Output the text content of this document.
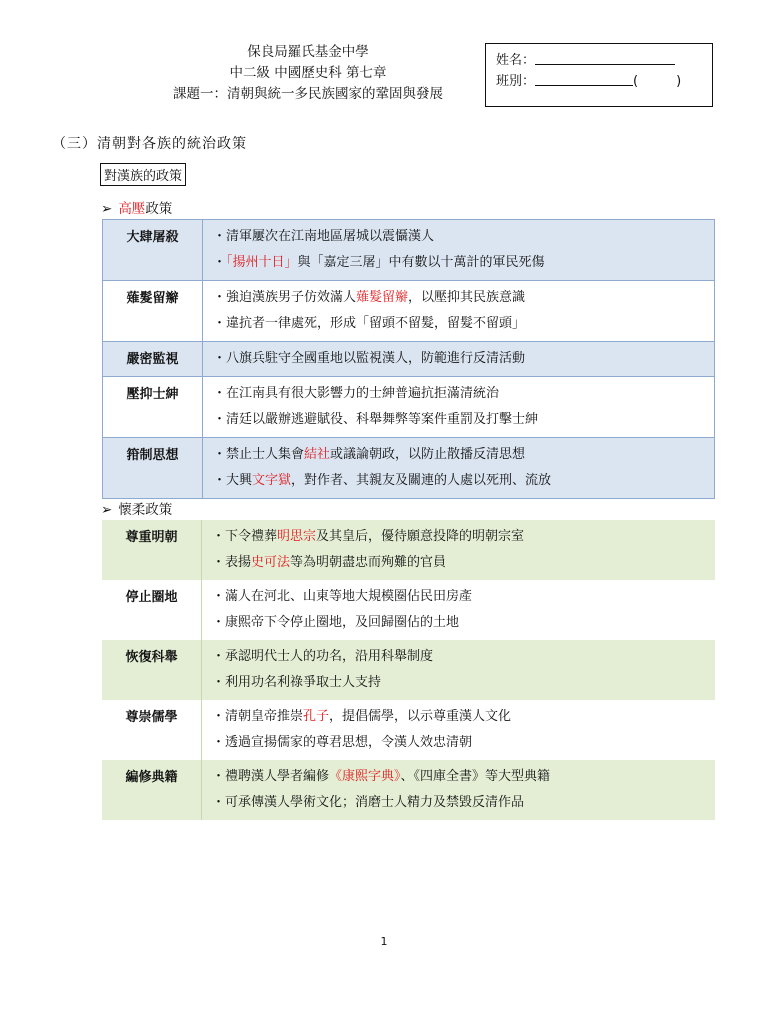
保良局羅氏基金中學
中二級 中國歷史科 第七章
課題一：清朝與統一多民族國家的鞏固與發展
姓名：
班別：	(	)
（三）清朝對各族的統治政策
對漢族的政策
➢ 高壓政策
大肆屠殺	・清軍屢次在江南地區屠城以震懾漢人
・「揚州十日」與「嘉定三屠」中有數以十萬計的軍民死傷

薙髮留辮	・強迫漢族男子仿效滿人薙髮留辮，以壓抑其民族意識
・違抗者一律處死，形成「留頭不留髮，留髮不留頭」

嚴密監視	・八旗兵駐守全國重地以監視漢人，防範進行反清活動

壓抑士紳	・在江南具有很大影響力的士紳普遍抗拒滿清統治
・清廷以嚴辦逃避賦役、科舉舞弊等案件重罰及打擊士紳

箝制思想	・禁止士人集會結社或議論朝政，以防止散播反清思想
・大興文字獄，對作者、其親友及關連的人處以死刑、流放
➢ 懷柔政策
尊重明朝	・下令禮葬明思宗及其皇后，優待願意投降的明朝宗室
・表揚史可法等為明朝盡忠而殉難的官員

停止圈地	・滿人在河北、山東等地大規模圈佔民田房產
・康熙帝下令停止圈地，及回歸圈佔的土地

恢復科舉	・承認明代士人的功名，沿用科舉制度
・利用功名利祿爭取士人支持

尊崇儒學	・清朝皇帝推崇孔子，提倡儒學，以示尊重漢人文化
・透過宣揚儒家的尊君思想，令漢人效忠清朝

編修典籍	・禮聘漢人學者編修《康熙字典》、《四庫全書》等大型典籍
・可承傳漢人學術文化；消磨士人精力及禁毀反清作品
1
